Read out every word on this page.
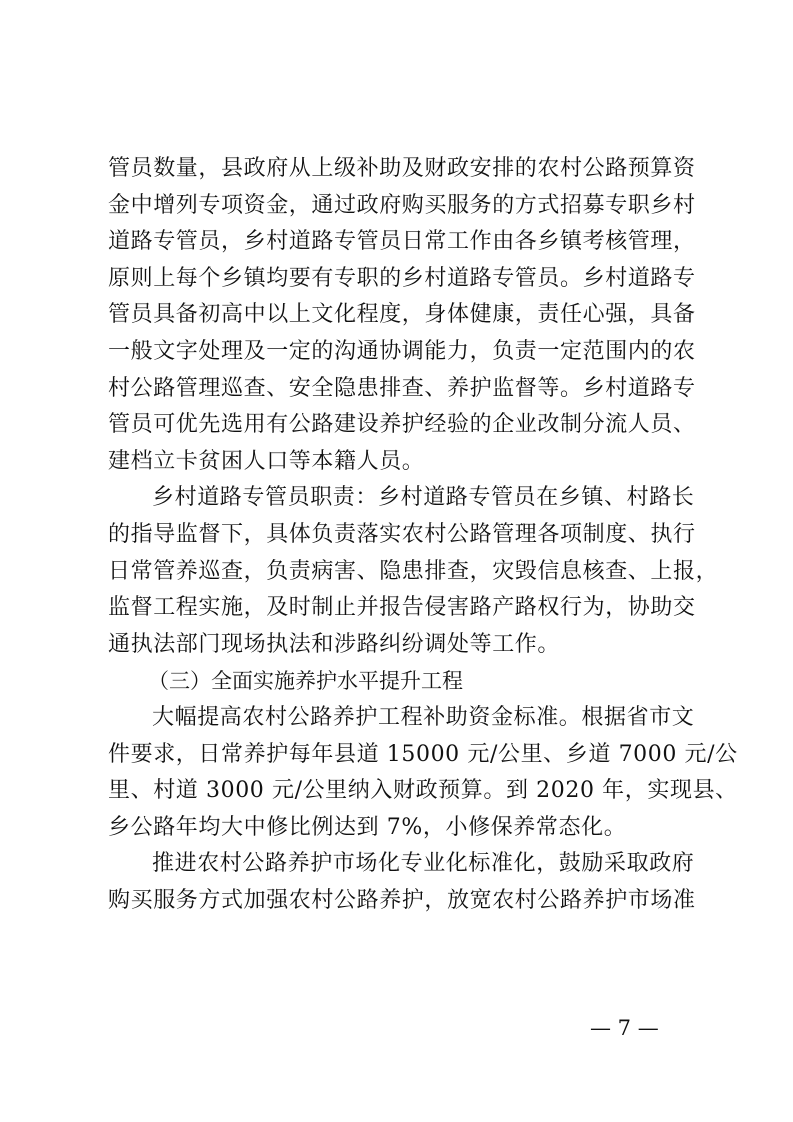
管员数量，县政府从上级补助及财政安排的农村公路预算资
金中增列专项资金，通过政府购买服务的方式招募专职乡村
道路专管员，乡村道路专管员日常工作由各乡镇考核管理，
原则上每个乡镇均要有专职的乡村道路专管员。乡村道路专
管员具备初高中以上文化程度，身体健康，责任心强，具备
一般文字处理及一定的沟通协调能力，负责一定范围内的农
村公路管理巡查、安全隐患排查、养护监督等。乡村道路专
管员可优先选用有公路建设养护经验的企业改制分流人员、
建档立卡贫困人口等本籍人员。

乡村道路专管员职责：乡村道路专管员在乡镇、村路长
的指导监督下，具体负责落实农村公路管理各项制度、执行
日常管养巡查，负责病害、隐患排查，灾毁信息核查、上报，
监督工程实施，及时制止并报告侵害路产路权行为，协助交
通执法部门现场执法和涉路纠纷调处等工作。

（三）全面实施养护水平提升工程

大幅提高农村公路养护工程补助资金标准。根据省市文
件要求，日常养护每年县道 15000 元/公里、乡道 7000 元/公
里、村道 3000 元/公里纳入财政预算。到 2020 年，实现县、
乡公路年均大中修比例达到 7%，小修保养常态化。

推进农村公路养护市场化专业化标准化，鼓励采取政府
购买服务方式加强农村公路养护，放宽农村公路养护市场准

— 7 —
